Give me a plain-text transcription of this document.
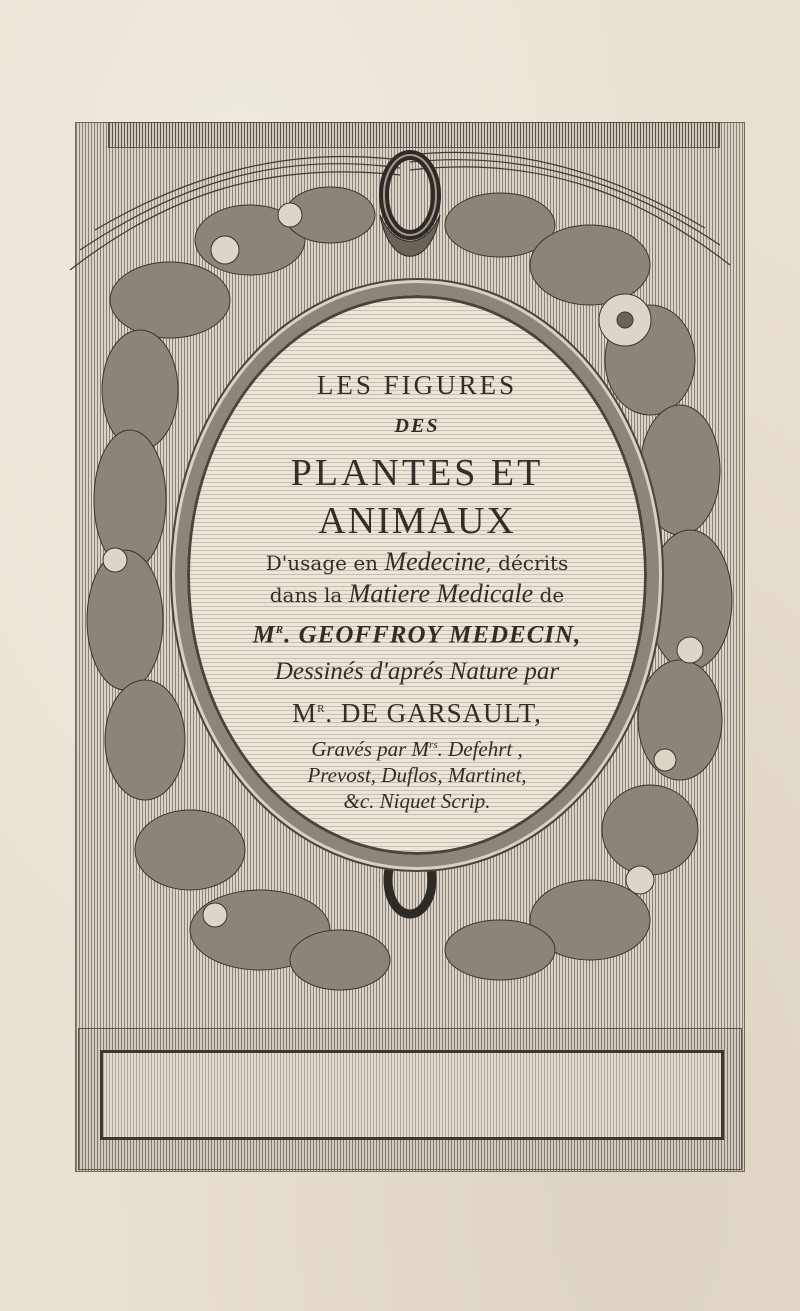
LES FIGURES
DES
PLANTES ET
ANIMAUX
D'usage en Medecine, décrits
dans la Matiere Medicale de
$M^R$. GEOFFROY MEDECIN,
Dessinés d'aprés Nature par
$M^R$. DE GARSAULT,
Gravés par $M^{rs}$. Defehrt ,
Prevost, Duflos, Martinet,
&c. Niquet Scrip.
